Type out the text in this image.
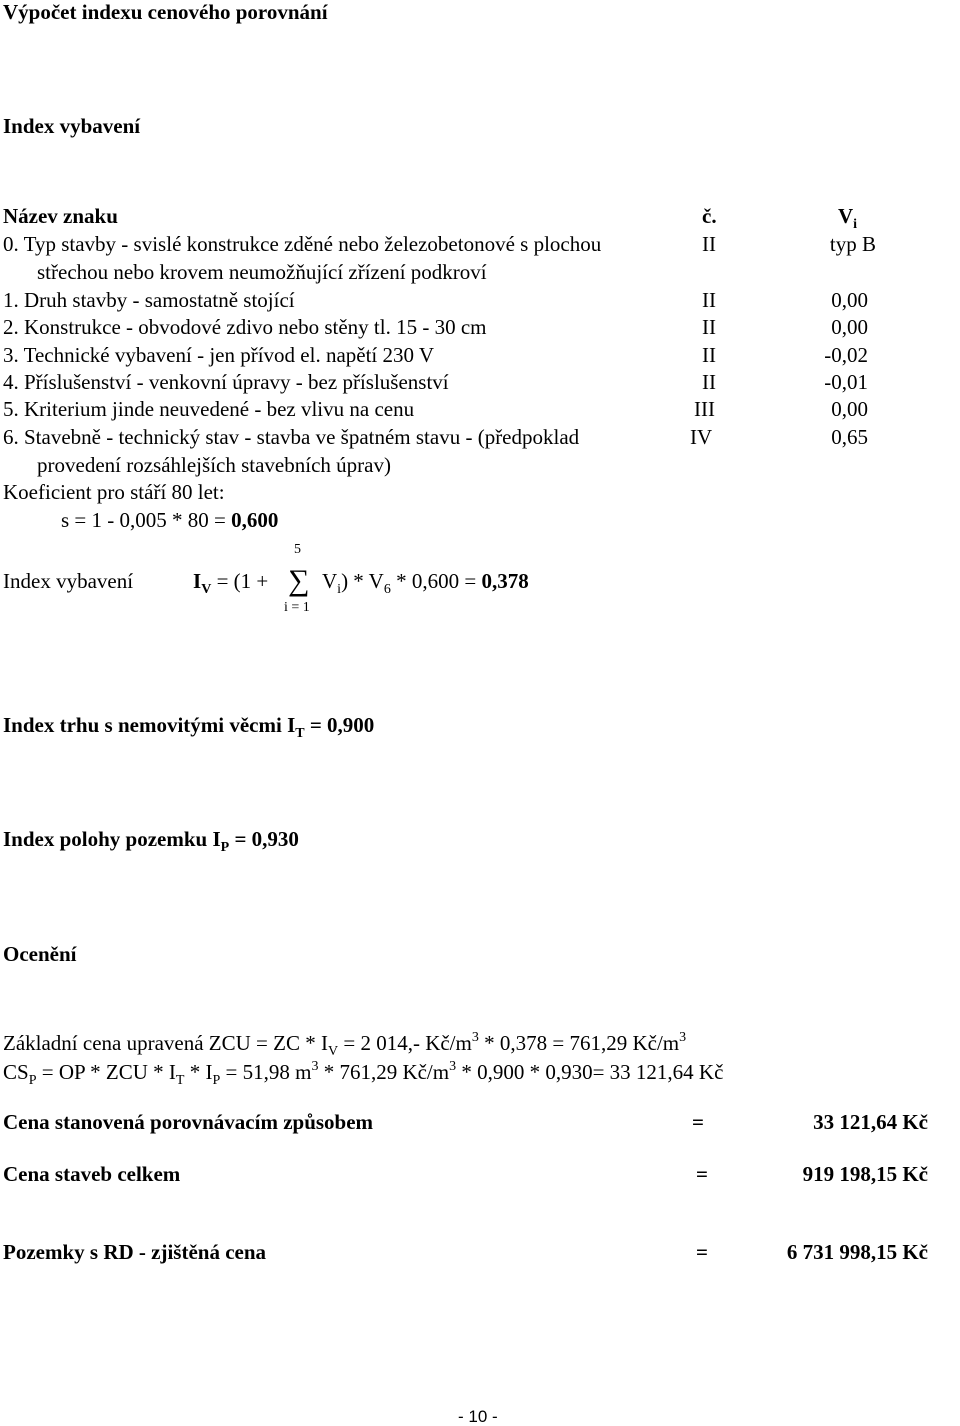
Výpočet indexu cenového porovnání
Index vybavení
Název znaku	č.	$V_i$
0. Typ stavby - svislé konstrukce zděné nebo železobetonové s plochou
střechou nebo krovem neumožňující zřízení podkroví
II	typ B
1. Druh stavby - samostatně stojící	II	0,00
2. Konstrukce - obvodové zdivo nebo stěny tl. 15 - 30 cm	II	0,00
3. Technické vybavení - jen přívod el. napětí 230 V	II	-0,02
4. Příslušenství - venkovní úpravy - bez příslušenství	II	-0,01
5. Kriterium jinde neuvedené - bez vlivu na cenu	III	0,00
6. Stavebně - technický stav - stavba ve špatném stavu - (předpoklad
provedení rozsáhlejších stavebních úprav)
IV	0,65
Koeficient pro stáří 80 let:
s = 1 - 0,005 * 80 = 0,600
Index vybavení
5
∑
i = 1
$I_V = (1$ +	$V_i) * V_6 * 0,600 = 0,378$
Index trhu s nemovitými věcmi $I_T = 0,900$
Index polohy pozemku $I_P = 0,930$
Ocenění
Základní cena upravená ZCU = ZC * $I_V = 2$ 014,- $Kč/m^3 * 0,378 = 761,29$ $Kč/m^3$
$CS_P$ = OP * ZCU * $I_T * I_P = 51,98$ $m^3 * 761,29$ $Kč/m^3 * 0,900 * 0,930= 33$ 121,64 Kč
Cena stanovená porovnávacím způsobem	=	33 121,64 Kč
Cena staveb celkem	=	919 198,15 Kč
Pozemky s RD - zjištěná cena	=	6 731 998,15 Kč
- 10 -
